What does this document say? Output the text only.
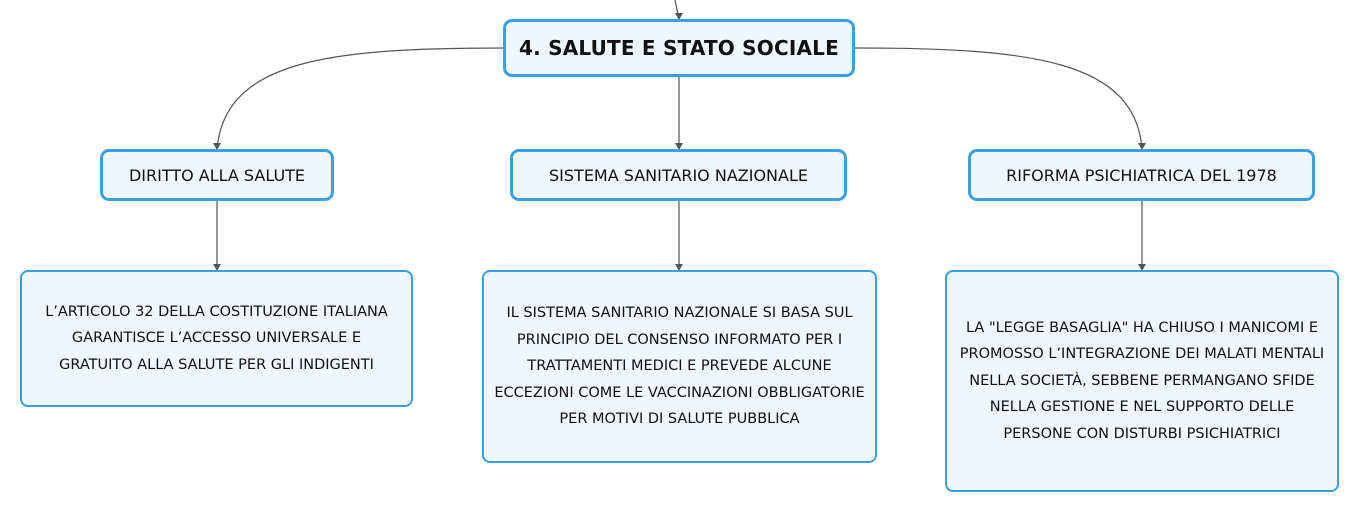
4. SALUTE E STATO SOCIALE
DIRITTO ALLA SALUTE	SISTEMA SANITARIO NAZIONALE	RIFORMA PSICHIATRICA DEL 1978
L’ARTICOLO 32 DELLA COSTITUZIONE ITALIANA GARANTISCE L’ACCESSO UNIVERSALE E GRATUITO ALLA SALUTE PER GLI INDIGENTI
IL SISTEMA SANITARIO NAZIONALE SI BASA SUL PRINCIPIO DEL CONSENSO INFORMATO PER I TRATTAMENTI MEDICI E PREVEDE ALCUNE ECCEZIONI COME LE VACCINAZIONI OBBLIGATORIE PER MOTIVI DI SALUTE PUBBLICA
LA "LEGGE BASAGLIA" HA CHIUSO I MANICOMI E PROMOSSO L’INTEGRAZIONE DEI MALATI MENTALI NELLA SOCIETÀ, SEBBENE PERMANGANO SFIDE NELLA GESTIONE E NEL SUPPORTO DELLE PERSONE CON DISTURBI PSICHIATRICI
